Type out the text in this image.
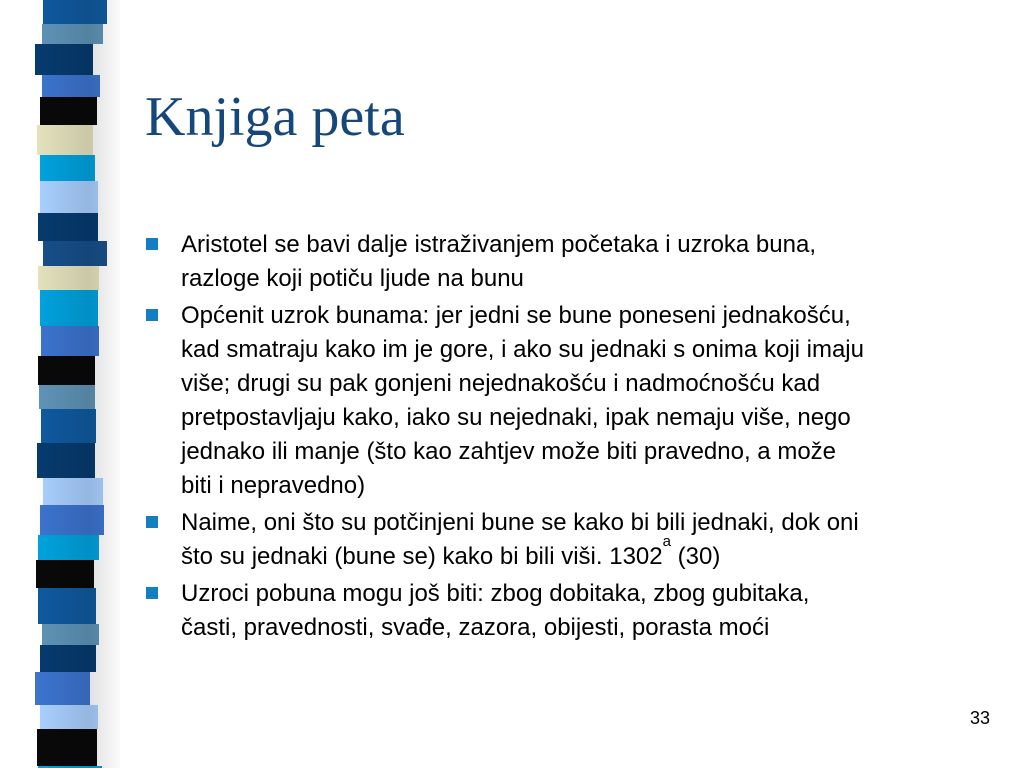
Knjiga peta
Aristotel se bavi dalje istraživanjem početaka i uzroka buna,
razloge koji potiču ljude na bunu
Općenit uzrok bunama: jer jedni se bune poneseni jednakošću,
kad smatraju kako im je gore, i ako su jednaki s onima koji imaju
više; drugi su pak gonjeni nejednakošću i nadmoćnošću kad
pretpostavljaju kako, iako su nejednaki, ipak nemaju više, nego
jednako ili manje (što kao zahtjev može biti pravedno, a može
biti i nepravedno)
Naime, oni što su potčinjeni bune se kako bi bili jednaki, dok oni
što su jednaki (bune se) kako bi bili viši. 1302$^a$ (30)
Uzroci pobuna mogu još biti: zbog dobitaka, zbog gubitaka,
časti, pravednosti, svađe, zazora, obijesti, porasta moći
33
